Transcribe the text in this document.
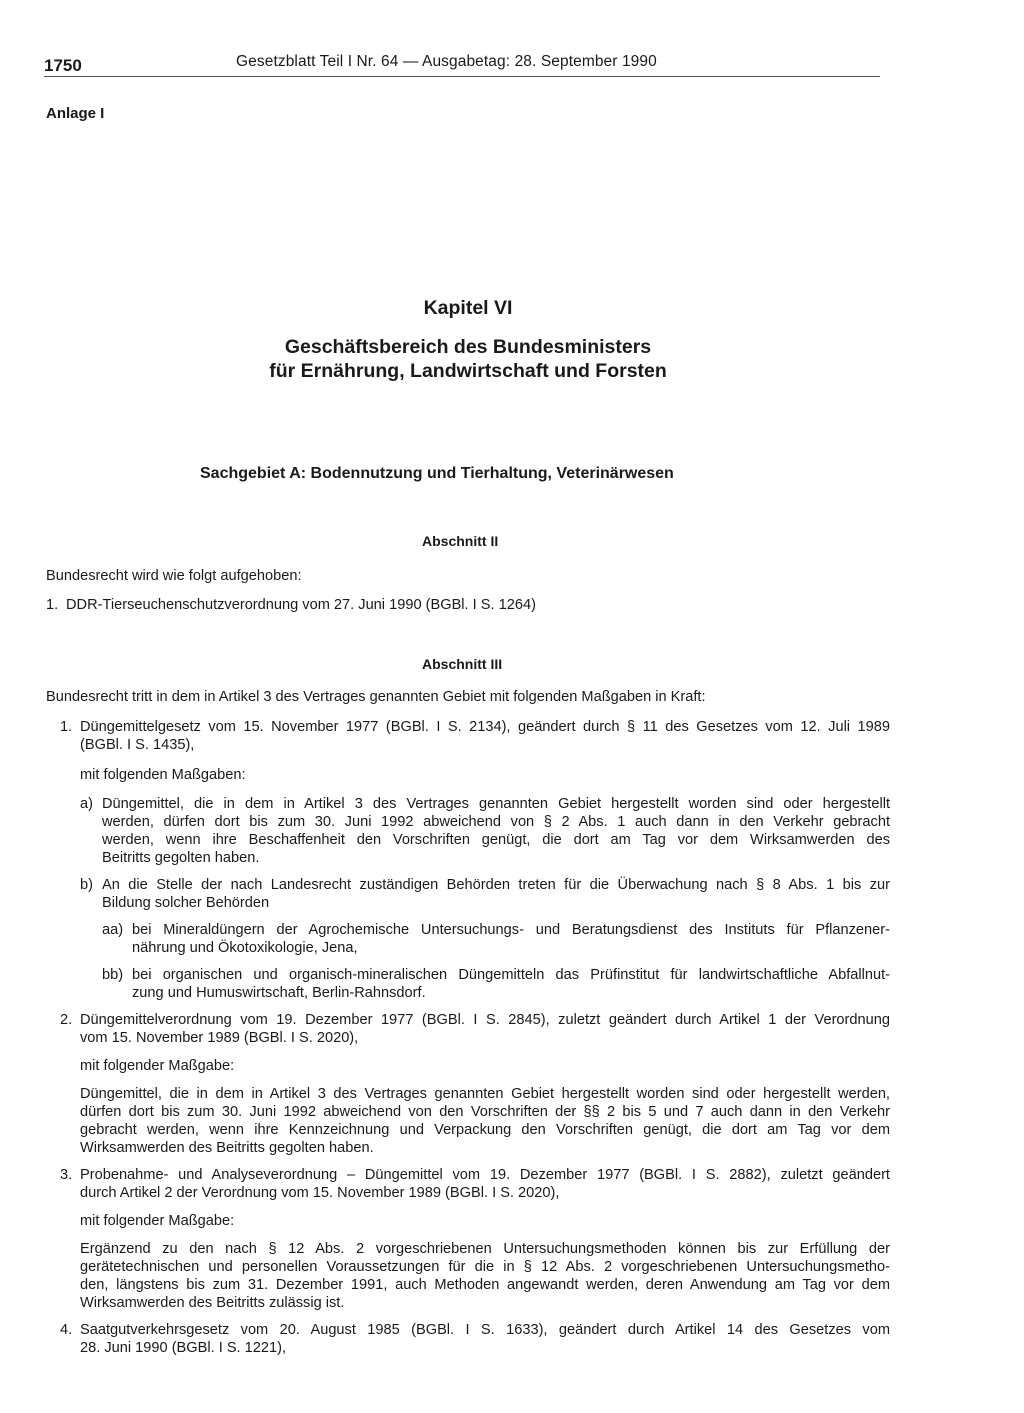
1750	Gesetzblatt Teil I Nr. 64 — Ausgabetag: 28. September 1990
Anlage I
Kapitel VI
Geschäftsbereich des Bundesministers
für Ernährung, Landwirtschaft und Forsten
Sachgebiet A: Bodennutzung und Tierhaltung, Veterinärwesen
Abschnitt II
Bundesrecht wird wie folgt aufgehoben:
1. DDR-Tierseuchenschutzverordnung vom 27. Juni 1990 (BGBl. I S. 1264)
Abschnitt III
Bundesrecht tritt in dem in Artikel 3 des Vertrages genannten Gebiet mit folgenden Maßgaben in Kraft:
1. Düngemittelgesetz vom 15. November 1977 (BGBl. I S. 2134), geändert durch § 11 des Gesetzes vom 12. Juli 1989
(BGBl. I S. 1435),
mit folgenden Maßgaben:
a) Düngemittel, die in dem in Artikel 3 des Vertrages genannten Gebiet hergestellt worden sind oder hergestellt
werden, dürfen dort bis zum 30. Juni 1992 abweichend von § 2 Abs. 1 auch dann in den Verkehr gebracht
werden, wenn ihre Beschaffenheit den Vorschriften genügt, die dort am Tag vor dem Wirksamwerden des
Beitritts gegolten haben.
b) An die Stelle der nach Landesrecht zuständigen Behörden treten für die Überwachung nach § 8 Abs. 1 bis zur
Bildung solcher Behörden
aa) bei Mineraldüngern der Agrochemische Untersuchungs- und Beratungsdienst des Instituts für Pflanzener-
nährung und Ökotoxikologie, Jena,
bb) bei organischen und organisch-mineralischen Düngemitteln das Prüfinstitut für landwirtschaftliche Abfallnut-
zung und Humuswirtschaft, Berlin-Rahnsdorf.
2. Düngemittelverordnung vom 19. Dezember 1977 (BGBl. I S. 2845), zuletzt geändert durch Artikel 1 der Verordnung
vom 15. November 1989 (BGBl. I S. 2020),
mit folgender Maßgabe:
Düngemittel, die in dem in Artikel 3 des Vertrages genannten Gebiet hergestellt worden sind oder hergestellt werden,
dürfen dort bis zum 30. Juni 1992 abweichend von den Vorschriften der §§ 2 bis 5 und 7 auch dann in den Verkehr
gebracht werden, wenn ihre Kennzeichnung und Verpackung den Vorschriften genügt, die dort am Tag vor dem
Wirksamwerden des Beitritts gegolten haben.
3. Probenahme- und Analyseverordnung – Düngemittel vom 19. Dezember 1977 (BGBl. I S. 2882), zuletzt geändert
durch Artikel 2 der Verordnung vom 15. November 1989 (BGBl. I S. 2020),
mit folgender Maßgabe:
Ergänzend zu den nach § 12 Abs. 2 vorgeschriebenen Untersuchungsmethoden können bis zur Erfüllung der
gerätetechnischen und personellen Voraussetzungen für die in § 12 Abs. 2 vorgeschriebenen Untersuchungsmetho-
den, längstens bis zum 31. Dezember 1991, auch Methoden angewandt werden, deren Anwendung am Tag vor dem
Wirksamwerden des Beitritts zulässig ist.
4. Saatgutverkehrsgesetz vom 20. August 1985 (BGBl. I S. 1633), geändert durch Artikel 14 des Gesetzes vom
28. Juni 1990 (BGBl. I S. 1221),
